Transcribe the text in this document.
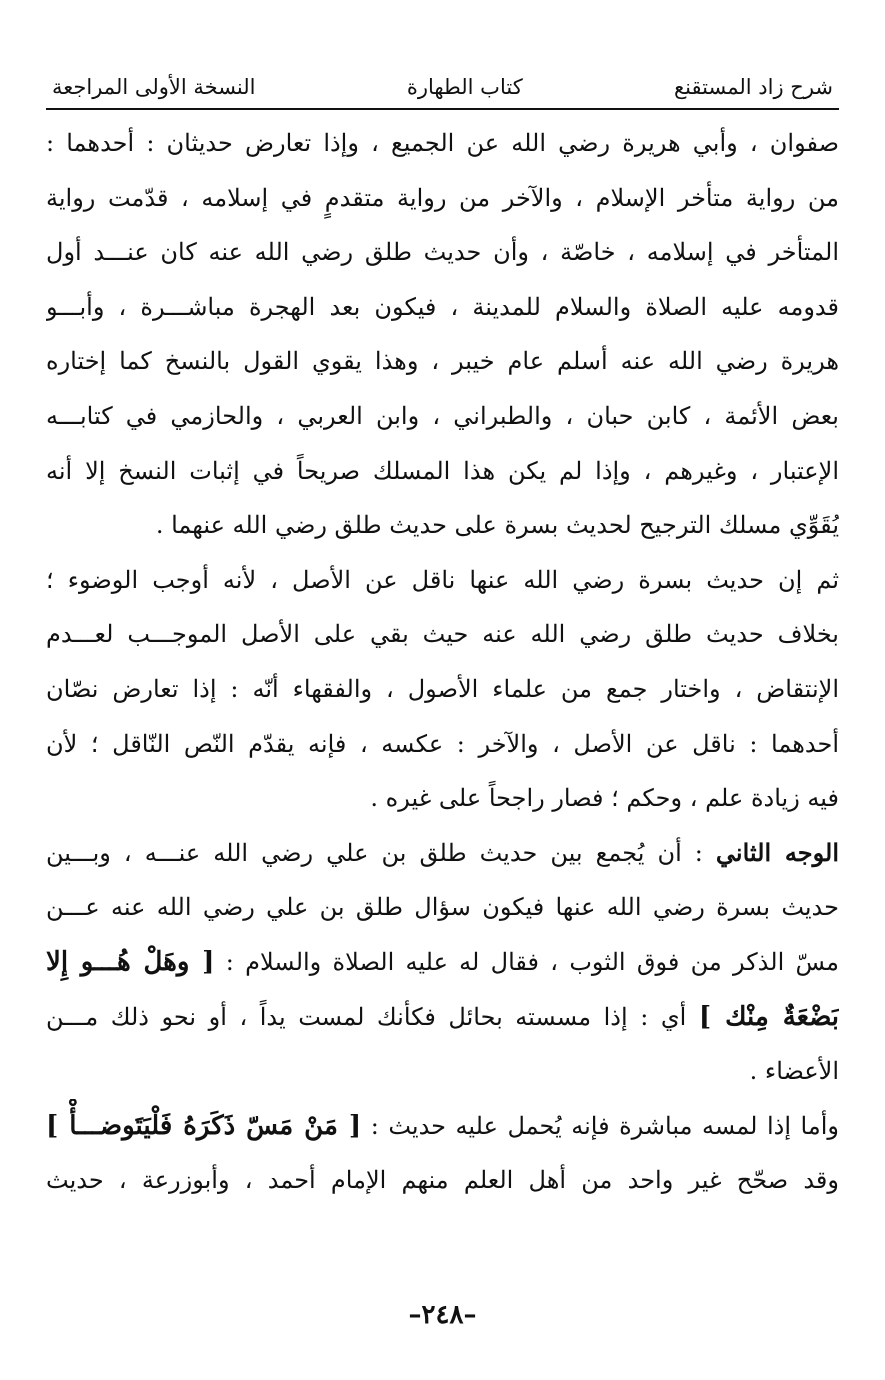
شرح زاد المستقنع
كتاب الطهارة
النسخة الأولى المراجعة
صفوان ، وأبي هريرة رضي الله عن الجميع ، وإذا تعارض حديثان : أحدهما :
من رواية متأخر الإسلام ، والآخر من رواية متقدمٍ في إسلامه ، قدّمت رواية
المتأخر في إسلامه ، خاصّة ، وأن حديث طلق رضي الله عنه كان عنـــد أول
قدومه عليه الصلاة والسلام للمدينة ، فيكون بعد الهجرة مباشـــرة ، وأبـــو
هريرة رضي الله عنه أسلم عام خيبر ، وهذا يقوي القول بالنسخ كما إختاره
بعض الأئمة ، كابن حبان ، والطبراني ، وابن العربي ، والحازمي في كتابـــه
الإعتبار ، وغيرهم ، وإذا لم يكن هذا المسلك صريحاً في إثبات النسخ إلا أنه
يُقَوِّي مسلك الترجيح لحديث بسرة على حديث طلق رضي الله عنهما .
ثم إن حديث بسرة رضي الله عنها ناقل عن الأصل ، لأنه أوجب الوضوء ؛
بخلاف حديث طلق رضي الله عنه حيث بقي على الأصل الموجـــب لعـــدم
الإنتقاض ، واختار جمع من علماء الأصول ، والفقهاء أنّه : إذا تعارض نصّان
أحدهما : ناقل عن الأصل ، والآخر : عكسه ، فإنه يقدّم النّص النّاقل ؛ لأن
فيه زيادة علم ، وحكم ؛ فصار راجحاً على غيره .
الوجه الثاني : أن يُجمع بين حديث طلق بن علي رضي الله عنـــه ، وبـــين
حديث بسرة رضي الله عنها فيكون سؤال طلق بن علي رضي الله عنه عـــن
مسّ الذكر من فوق الثوب ، فقال له عليه الصلاة والسلام : [ وهَلْ هُـــو إِلا
بَضْعَةٌ مِنْك ] أي : إذا مسسته بحائل فكأنك لمست يداً ، أو نحو ذلك مـــن
الأعضاء .
وأما إذا لمسه مباشرة فإنه يُحمل عليه حديث : [ مَنْ مَسّ ذَكَرَهُ فَلْيَتَوضـــأْ ]
وقد صحّح غير واحد من أهل العلم منهم الإمام أحمد ، وأبوزرعة ، حديث
–٢٤٨–
